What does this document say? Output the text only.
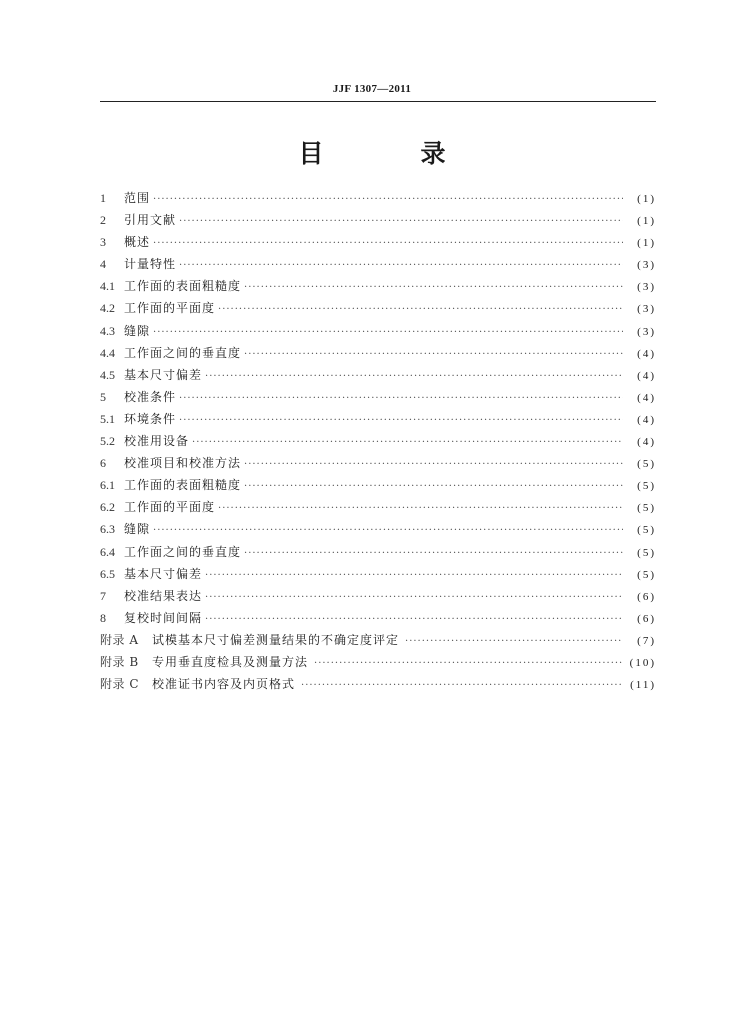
JJF 1307—2011
目　录
1	范围 ·····	(1)
2	引用文献 ·····	(1)
3	概述 ·····	(1)
4	计量特性 ·····	(3)
4.1 工作面的表面粗糙度 ·····	(3)
4.2 工作面的平面度 ·····	(3)
4.3 缝隙 ·····	(3)
4.4 工作面之间的垂直度 ·····	(4)
4.5 基本尺寸偏差 ·····	(4)
5	校准条件 ·····	(4)
5.1 环境条件 ·····	(4)
5.2 校准用设备 ·····	(4)
6	校准项目和校准方法 ·····	(5)
6.1 工作面的表面粗糙度 ·····	(5)
6.2 工作面的平面度 ·····	(5)
6.3 缝隙 ·····	(5)
6.4 工作面之间的垂直度 ·····	(5)
6.5 基本尺寸偏差 ·····	(5)
7	校准结果表达 ·····	(6)
8	复校时间间隔 ·····	(6)
附录 A	试模基本尺寸偏差测量结果的不确定度评定 ·····	(7)
附录 B	专用垂直度检具及测量方法 ·····	(10)
附录 C	校准证书内容及内页格式 ·····	(11)
